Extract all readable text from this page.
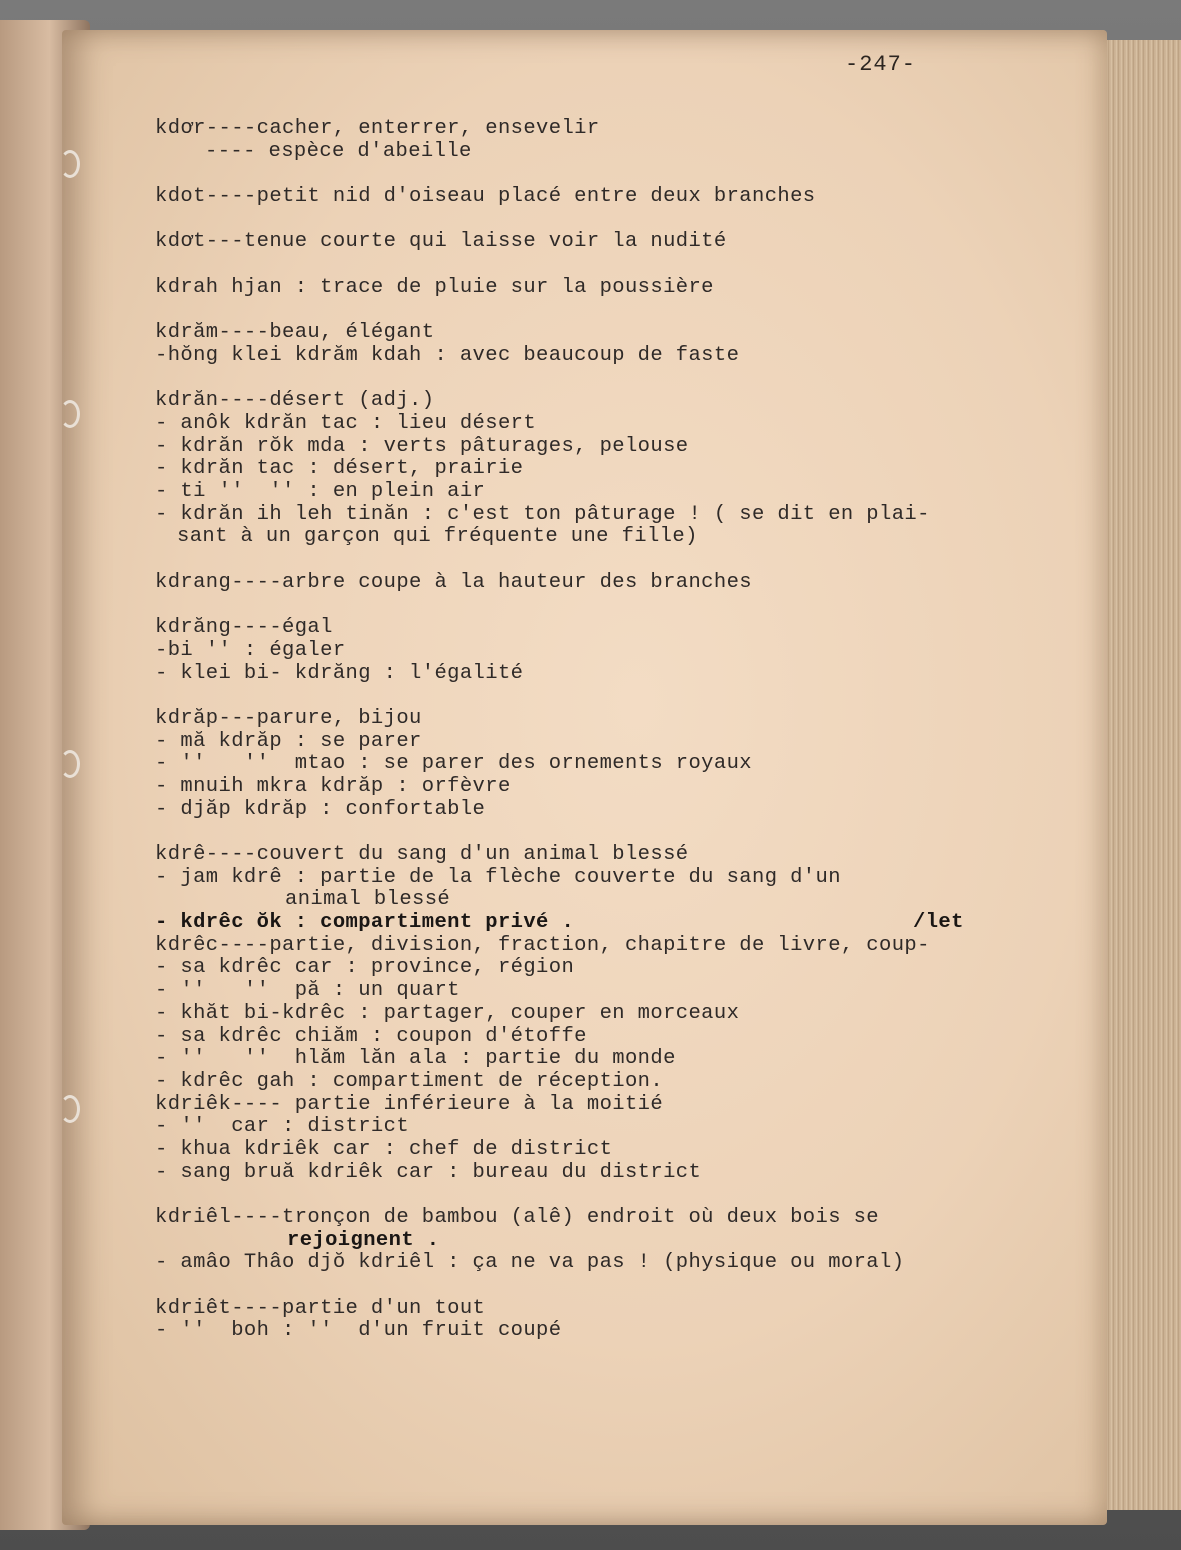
-247-
kdơr----cacher, enterrer, ensevelir
---- espèce d'abeille
kdot----petit nid d'oiseau placé entre deux branches
kdơt---tenue courte qui laisse voir la nudité
kdrah hjan : trace de pluie sur la poussière
kdrăm----beau, élégant
-hŏng klei kdrăm kdah : avec beaucoup de faste
kdrăn----désert (adj.)
- anôk kdrăn tac : lieu désert
- kdrăn rŏk mda : verts pâturages, pelouse
- kdrăn tac : désert, prairie
- ti ''  '' : en plein air
- kdrăn ih leh tinăn : c'est ton pâturage ! ( se dit en plai-
sant à un garçon qui fréquente une fille)
kdrang----arbre coupe à la hauteur des branches
kdrăng----égal
-bi '' : égaler
- klei bi- kdrăng : l'égalité
kdrăp---parure, bijou
- mă kdrăp : se parer
- ''   ''  mtao : se parer des ornements royaux
- mnuih mkra kdrăp : orfèvre
- djăp kdrăp : confortable
kdrê----couvert du sang d'un animal blessé
- jam kdrê : partie de la flèche couverte du sang d'un
animal blessé
- kdrêc ŏk : compartiment privé .	/let
kdrêc----partie, division, fraction, chapitre de livre, coup-
- sa kdrêc car : province, région
- ''   ''  pă : un quart
- khăt bi-kdrêc : partager, couper en morceaux
- sa kdrêc chiăm : coupon d'étoffe
- ''   ''  hlăm lăn ala : partie du monde
- kdrêc gah : compartiment de réception.
kdriêk---- partie inférieure à la moitié
- ''  car : district
- khua kdriêk car : chef de district
- sang bruă kdriêk car : bureau du district
kdriêl----tronçon de bambou (alê) endroit où deux bois se
rejoignent .
- amâo Thâo djŏ kdriêl : ça ne va pas ! (physique ou moral)
kdriêt----partie d'un tout
- ''  boh : ''  d'un fruit coupé
